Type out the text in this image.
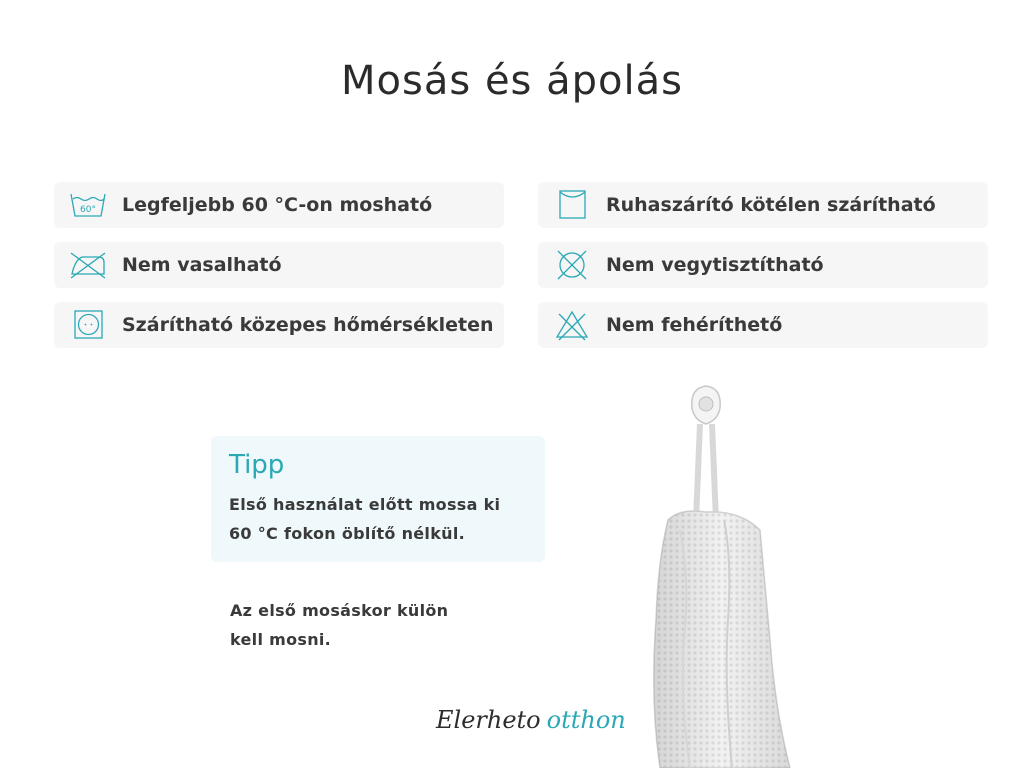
Mosás és ápolás
60° Legfeljebb 60 °C-on mosható
Nem vasalható
Szárítható közepes hőmérsékleten
Ruhaszárító kötélen szárítható
Nem vegytisztítható
Nem fehéríthető
Tipp
Első használat előtt mossa ki
60 °C fokon öblítő nélkül.
Az első mosáskor külön
kell mosni.
Elerheto otthon
